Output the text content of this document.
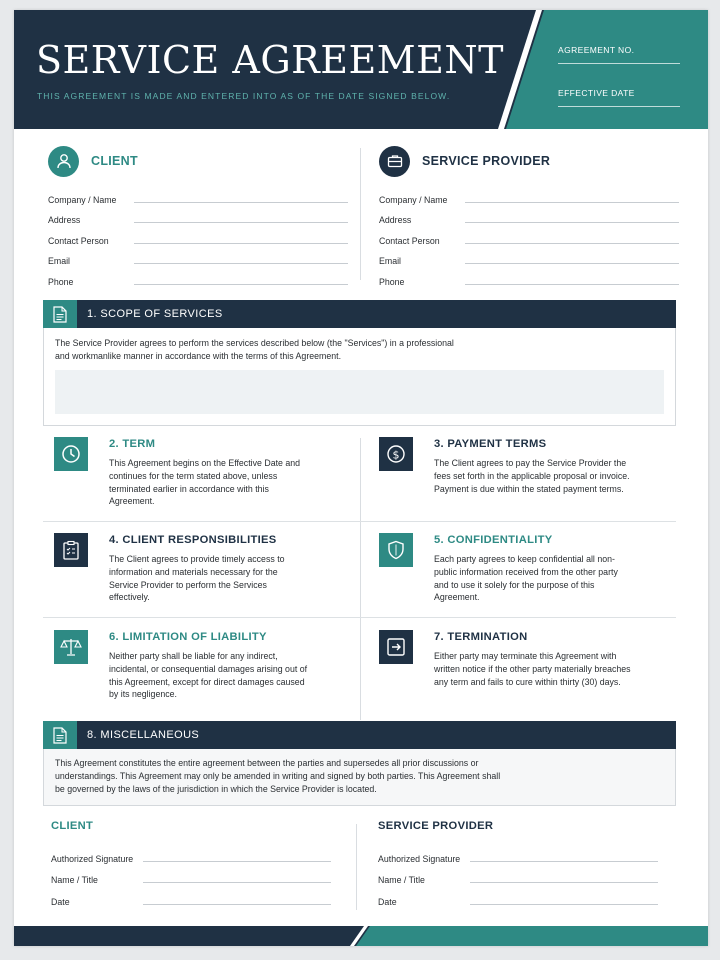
SERVICE AGREEMENT
THIS AGREEMENT IS MADE AND ENTERED INTO AS OF THE DATE SIGNED BELOW.
AGREEMENT NO.
EFFECTIVE DATE
CLIENT
Company / Name
Address
Contact Person
Email
Phone
SERVICE PROVIDER
Company / Name
Address
Contact Person
Email
Phone
1. SCOPE OF SERVICES

The Service Provider agrees to perform the services described below (the "Services") in a professional

and workmanlike manner in accordance with the terms of this Agreement.

2. TERM
This Agreement begins on the Effective Date and continues for the term stated above, unless terminated earlier in accordance with this Agreement.
$
3. PAYMENT TERMS
The Client agrees to pay the Service Provider the fees set forth in the applicable proposal or invoice. Payment is due within the stated payment terms.
4. CLIENT RESPONSIBILITIES
The Client agrees to provide timely access to information and materials necessary for the Service Provider to perform the Services effectively.
5. CONFIDENTIALITY
Each party agrees to keep confidential all non-public information received from the other party and to use it solely for the purpose of this Agreement.
6. LIMITATION OF LIABILITY
Neither party shall be liable for any indirect, incidental, or consequential damages arising out of this Agreement, except for direct damages caused by its negligence.
7. TERMINATION
Either party may terminate this Agreement with written notice if the other party materially breaches any term and fails to cure within thirty (30) days.
8. MISCELLANEOUS

This Agreement constitutes the entire agreement between the parties and supersedes all prior discussions or

understandings. This Agreement may only be amended in writing and signed by both parties. This Agreement shall

be governed by the laws of the jurisdiction in which the Service Provider is located.

CLIENT
Authorized Signature
Name / Title
Date
SERVICE PROVIDER
Authorized Signature
Name / Title
Date
